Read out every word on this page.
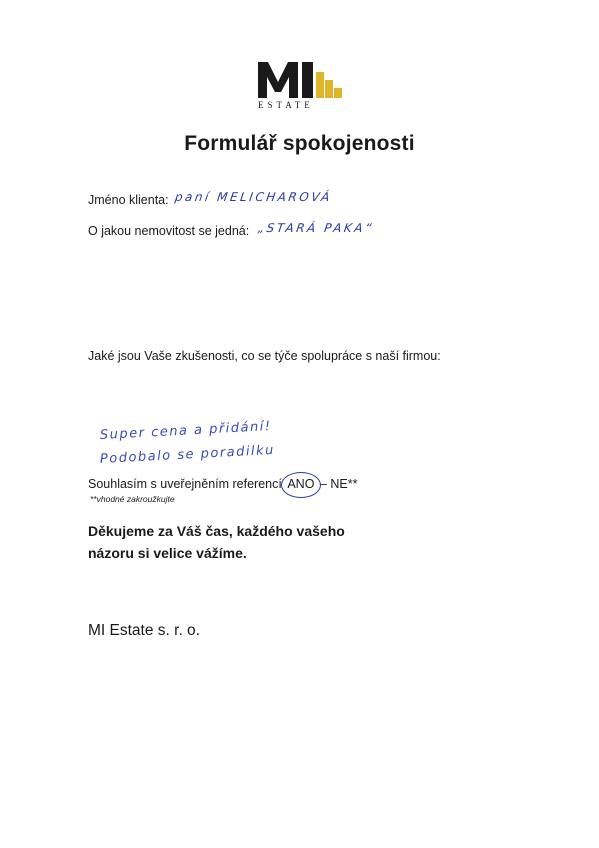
ESTATE
Formulář spokojenosti
Jméno klienta: paní MELICHAROVÁ
O jakou nemovitost se jedná: „STARÁ PAKA“
Jaké jsou Vaše zkušenosti, co se týče spolupráce s naší firmou:
Super cena a přidání!
Podobalo se poradilku
Souhlasím s uveřejněním referencí ANO – NE**
**vhodné zakroužkujte
Děkujeme za Váš čas, každého vašeho
názoru si velice vážíme.
MI Estate s. r. o.
